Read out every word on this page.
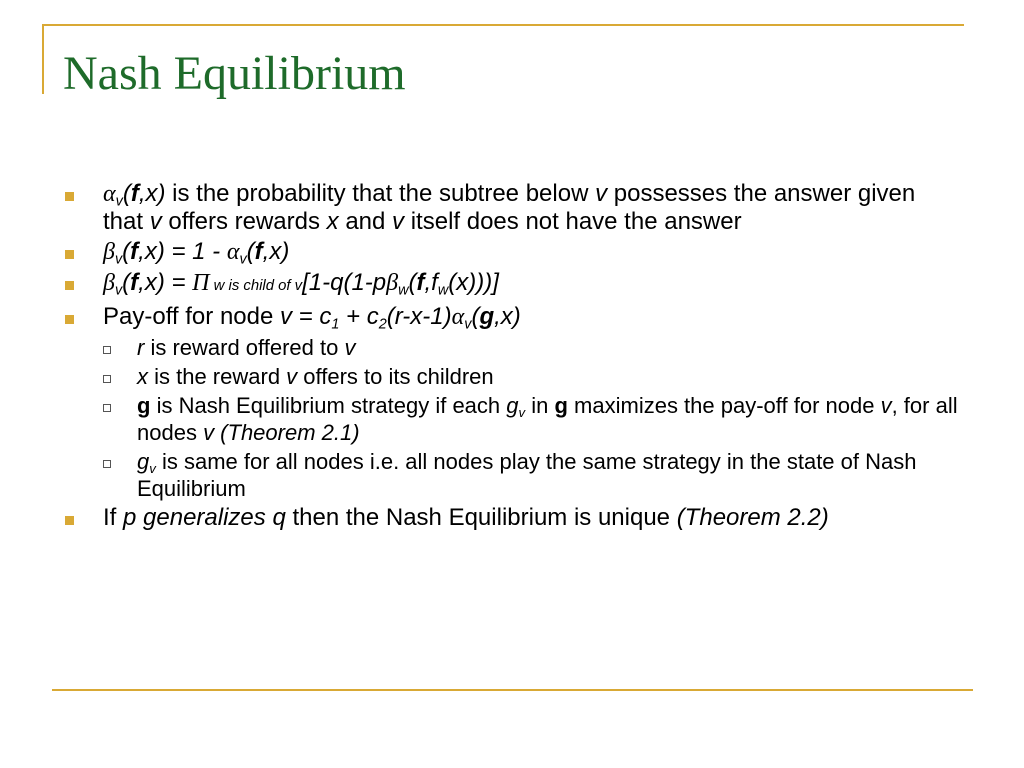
Nash Equilibrium
$\alpha_v(f,x)$ is the probability that the subtree below v possesses the answer given that v offers rewards x and v itself does not have the answer
$\beta_v(f,x) = 1 - \alpha_v(f,x)$
$\beta_v(f,x) = \Pi$ w is child of $v[1-q(1-p\beta_w(f,f_w(x)))]$
Pay-off for node $v = c_1 + c_2(r-x-1)\alpha_v(g,x)$
r is reward offered to v
x is the reward v offers to its children
g is Nash Equilibrium strategy if each $g_v$ in g maximizes the pay-off for node v, for all nodes v (Theorem 2.1)
$g_v$ is same for all nodes i.e. all nodes play the same strategy in the state of Nash Equilibrium
If p generalizes q then the Nash Equilibrium is unique (Theorem 2.2)
